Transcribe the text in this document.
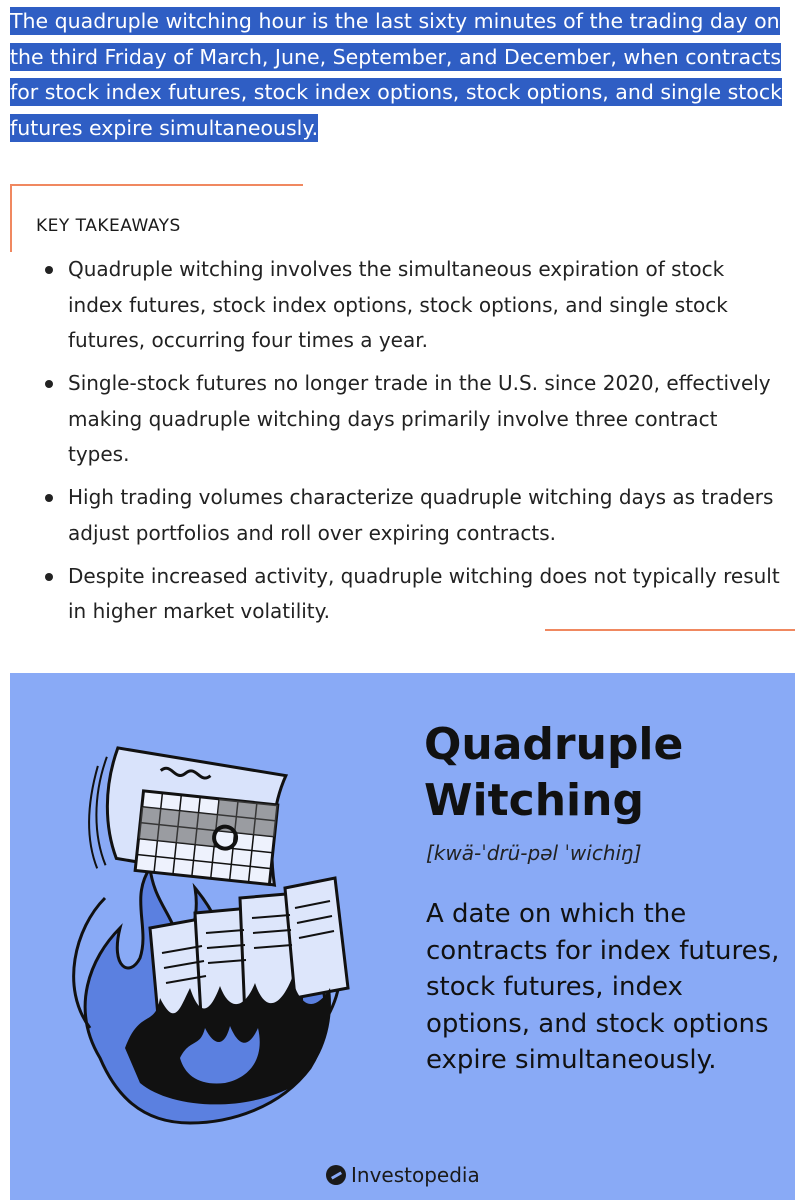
The quadruple witching hour is the last sixty minutes of the trading day on the third Friday of March, June, September, and December, when contracts for stock index futures, stock index options, stock options, and single stock futures expire simultaneously.

KEY TAKEAWAYS
Quadruple witching involves the simultaneous expiration of stock index futures, stock index options, stock options, and single stock futures, occurring four times a year.
Single-stock futures no longer trade in the U.S. since 2020, effectively making quadruple witching days primarily involve three contract types.
High trading volumes characterize quadruple witching days as traders adjust portfolios and roll over expiring contracts.
Despite increased activity, quadruple witching does not typically result in higher market volatility.
Quadruple
Witching
[kwä-ˈdrü-pəl ˈwichiŋ]
A date on which the contracts for index futures, stock futures, index options, and stock options expire simultaneously.
Investopedia
